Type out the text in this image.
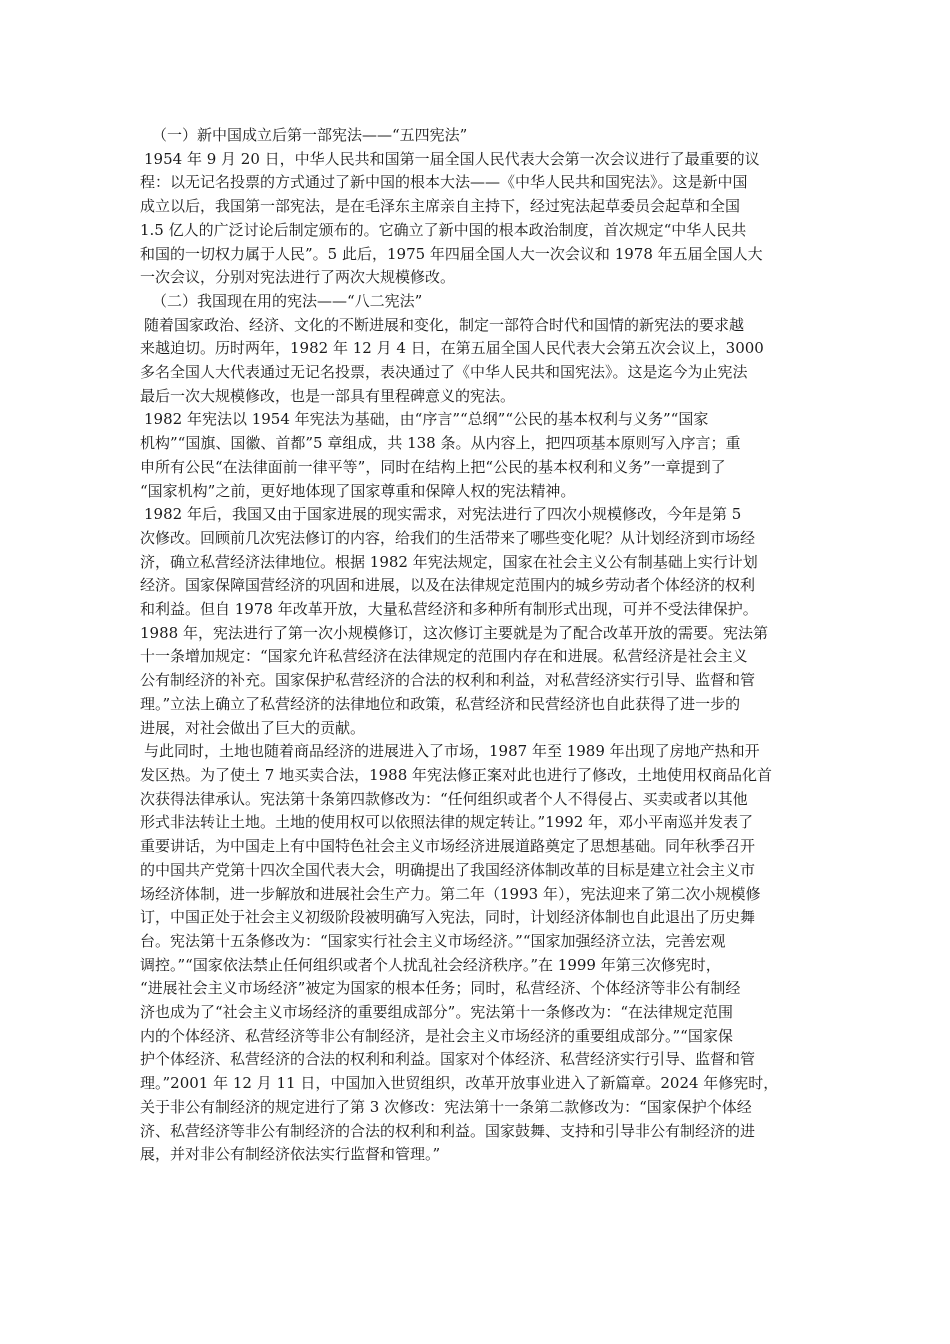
（一）新中国成立后第一部宪法——“五四宪法”
1954 年 9 月 20 日，中华人民共和国第一届全国人民代表大会第一次会议进行了最重要的议
程：以无记名投票的方式通过了新中国的根本大法——《中华人民共和国宪法》。这是新中国
成立以后，我国第一部宪法，是在毛泽东主席亲自主持下，经过宪法起草委员会起草和全国
1.5 亿人的广泛讨论后制定颁布的。它确立了新中国的根本政治制度，首次规定“中华人民共
和国的一切权力属于人民”。5 此后，1975 年四届全国人大一次会议和 1978 年五届全国人大
一次会议，分别对宪法进行了两次大规模修改。
（二）我国现在用的宪法——“八二宪法”
随着国家政治、经济、文化的不断进展和变化，制定一部符合时代和国情的新宪法的要求越
来越迫切。历时两年，1982 年 12 月 4 日，在第五届全国人民代表大会第五次会议上，3000
多名全国人大代表通过无记名投票，表决通过了《中华人民共和国宪法》。这是迄今为止宪法
最后一次大规模修改，也是一部具有里程碑意义的宪法。
1982 年宪法以 1954 年宪法为基础，由“序言”“总纲”“公民的基本权利与义务”“国家
机构”“国旗、国徽、首都”5 章组成，共 138 条。从内容上，把四项基本原则写入序言；重
申所有公民“在法律面前一律平等”，同时在结构上把“公民的基本权利和义务”一章提到了
“国家机构”之前，更好地体现了国家尊重和保障人权的宪法精神。
1982 年后，我国又由于国家进展的现实需求，对宪法进行了四次小规模修改，今年是第 5
次修改。回顾前几次宪法修订的内容，给我们的生活带来了哪些变化呢？从计划经济到市场经
济，确立私营经济法律地位。根据 1982 年宪法规定，国家在社会主义公有制基础上实行计划
经济。国家保障国营经济的巩固和进展，以及在法律规定范围内的城乡劳动者个体经济的权利
和利益。但自 1978 年改革开放，大量私营经济和多种所有制形式出现，可并不受法律保护。
1988 年，宪法进行了第一次小规模修订，这次修订主要就是为了配合改革开放的需要。宪法第
十一条增加规定：“国家允许私营经济在法律规定的范围内存在和进展。私营经济是社会主义
公有制经济的补充。国家保护私营经济的合法的权利和利益，对私营经济实行引导、监督和管
理。”立法上确立了私营经济的法律地位和政策，私营经济和民营经济也自此获得了进一步的
进展，对社会做出了巨大的贡献。
与此同时，土地也随着商品经济的进展进入了市场，1987 年至 1989 年出现了房地产热和开
发区热。为了使土 7 地买卖合法，1988 年宪法修正案对此也进行了修改，土地使用权商品化首
次获得法律承认。宪法第十条第四款修改为：“任何组织或者个人不得侵占、买卖或者以其他
形式非法转让土地。土地的使用权可以依照法律的规定转让。”1992 年，邓小平南巡并发表了
重要讲话，为中国走上有中国特色社会主义市场经济进展道路奠定了思想基础。同年秋季召开
的中国共产党第十四次全国代表大会，明确提出了我国经济体制改革的目标是建立社会主义市
场经济体制，进一步解放和进展社会生产力。第二年（1993 年），宪法迎来了第二次小规模修
订，中国正处于社会主义初级阶段被明确写入宪法，同时，计划经济体制也自此退出了历史舞
台。宪法第十五条修改为：“国家实行社会主义市场经济。”“国家加强经济立法，完善宏观
调控。”“国家依法禁止任何组织或者个人扰乱社会经济秩序。”在 1999 年第三次修宪时，
“进展社会主义市场经济”被定为国家的根本任务；同时，私营经济、个体经济等非公有制经
济也成为了“社会主义市场经济的重要组成部分”。宪法第十一条修改为：“在法律规定范围
内的个体经济、私营经济等非公有制经济，是社会主义市场经济的重要组成部分。”“国家保
护个体经济、私营经济的合法的权利和利益。国家对个体经济、私营经济实行引导、监督和管
理。”2001 年 12 月 11 日，中国加入世贸组织，改革开放事业进入了新篇章。2024 年修宪时，
关于非公有制经济的规定进行了第 3 次修改：宪法第十一条第二款修改为：“国家保护个体经
济、私营经济等非公有制经济的合法的权利和利益。国家鼓舞、支持和引导非公有制经济的进
展，并对非公有制经济依法实行监督和管理。”
